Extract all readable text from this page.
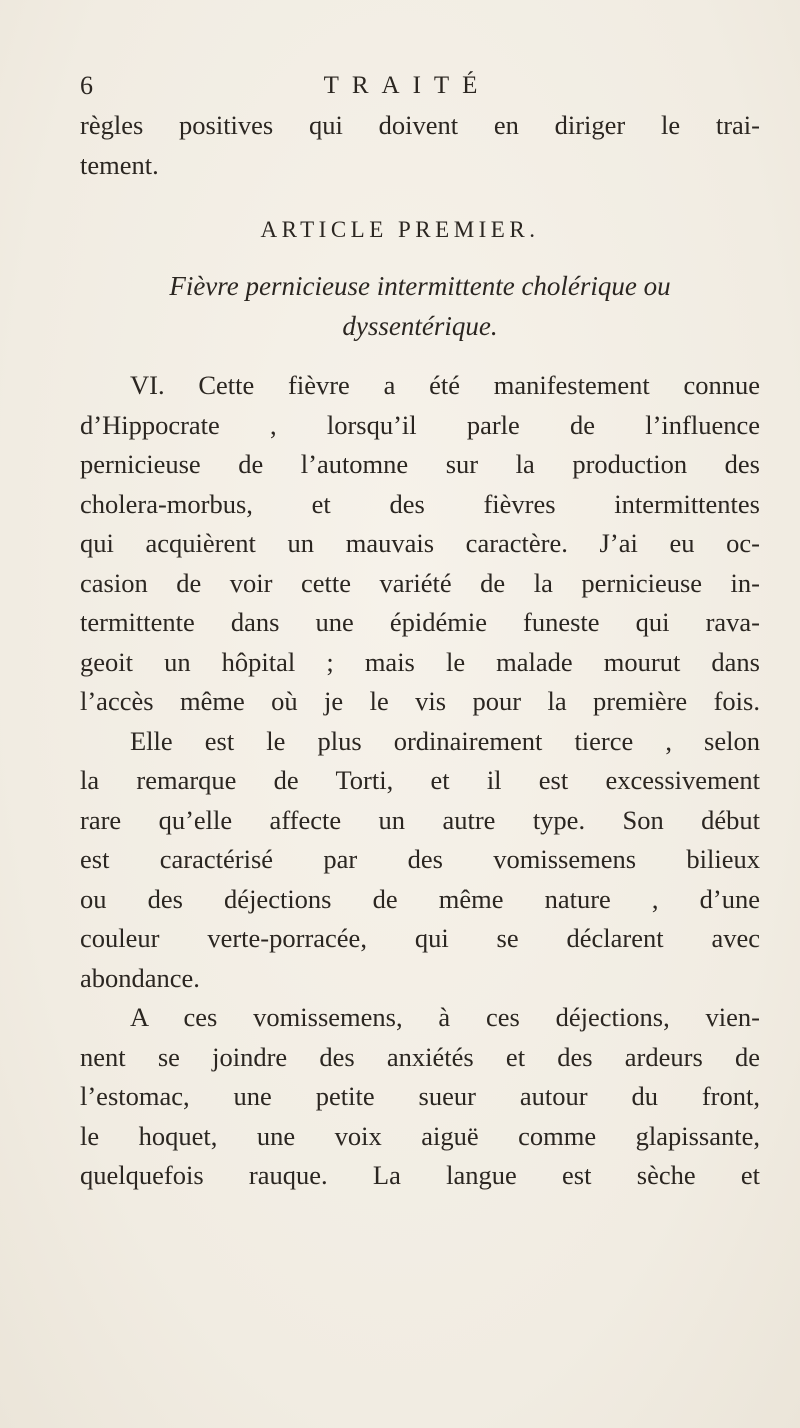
6	TRAITÉ
règles positives qui doivent en diriger le trai-
tement.
ARTICLE PREMIER.
Fièvre pernicieuse intermittente cholérique ou
dyssentérique.
VI. Cette fièvre a été manifestement connue
d’Hippocrate , lorsqu’il parle de l’influence
pernicieuse de l’automne sur la production des
cholera-morbus, et des fièvres intermittentes
qui acquièrent un mauvais caractère. J’ai eu oc-
casion de voir cette variété de la pernicieuse in-
termittente dans une épidémie funeste qui rava-
geoit un hôpital ; mais le malade mourut dans
l’accès même où je le vis pour la première fois.
Elle est le plus ordinairement tierce , selon
la remarque de Torti, et il est excessivement
rare qu’elle affecte un autre type. Son début
est caractérisé par des vomissemens bilieux
ou des déjections de même nature , d’une
couleur verte-porracée, qui se déclarent avec
abondance.
A ces vomissemens, à ces déjections, vien-
nent se joindre des anxiétés et des ardeurs de
l’estomac, une petite sueur autour du front,
le hoquet, une voix aiguë comme glapissante,
quelquefois rauque. La langue est sèche et
